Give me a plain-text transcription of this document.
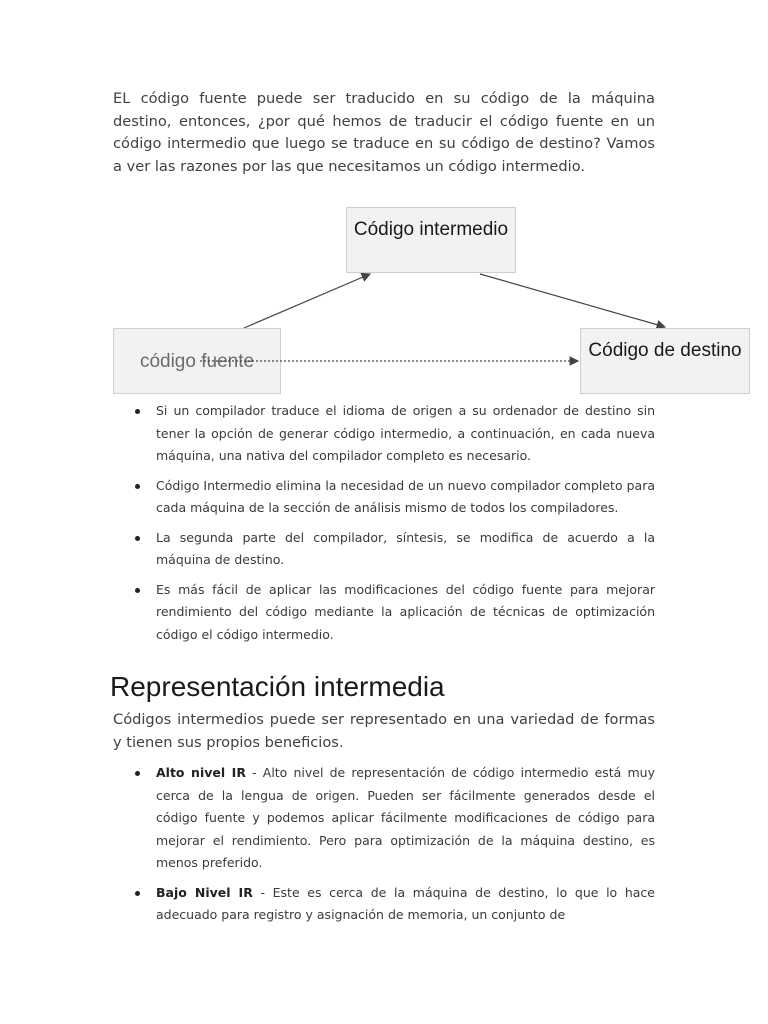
EL código fuente puede ser traducido en su código de la máquina destino, entonces, ¿por qué hemos de traducir el código fuente en un código intermedio que luego se traduce en su código de destino? Vamos a ver las razones por las que necesitamos un código intermedio.

Código intermedio
código fuente
Código de destino
Si un compilador traduce el idioma de origen a su ordenador de destino sin tener la opción de generar código intermedio, a continuación, en cada nueva máquina, una nativa del compilador completo es necesario.
Código Intermedio elimina la necesidad de un nuevo compilador completo para cada máquina de la sección de análisis mismo de todos los compiladores.
La segunda parte del compilador, síntesis, se modifica de acuerdo a la máquina de destino.
Es más fácil de aplicar las modificaciones del código fuente para mejorar rendimiento del código mediante la aplicación de técnicas de optimización código el código intermedio.
Representación intermedia

Códigos intermedios puede ser representado en una variedad de formas y tienen sus propios beneficios.

Alto nivel IR - Alto nivel de representación de código intermedio está muy cerca de la lengua de origen. Pueden ser fácilmente generados desde el código fuente y podemos aplicar fácilmente modificaciones de código para mejorar el rendimiento. Pero para optimización de la máquina destino, es menos preferido.
Bajo Nivel IR - Este es cerca de la máquina de destino, lo que lo hace adecuado para registro y asignación de memoria, un conjunto de
